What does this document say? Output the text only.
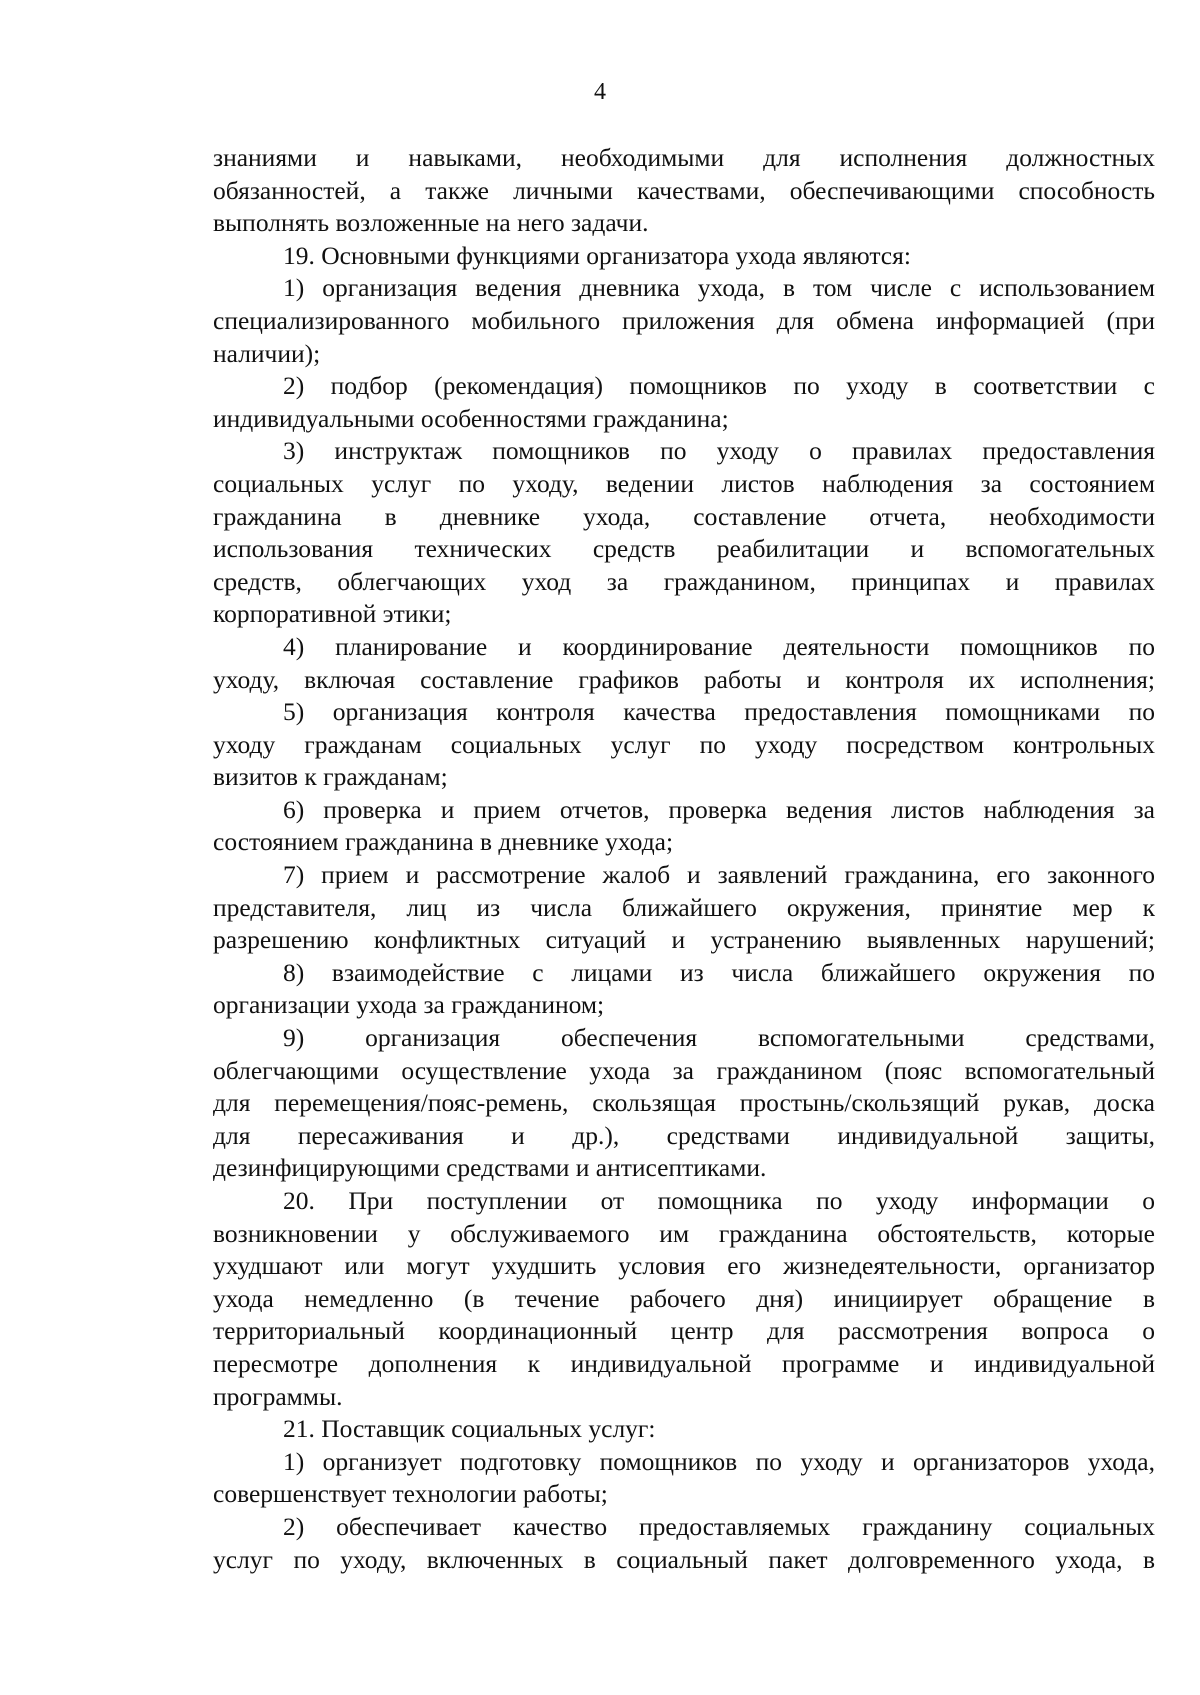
4
знаниями и навыками, необходимыми для исполнения должностных
обязанностей, а также личными качествами, обеспечивающими способность
выполнять возложенные на него задачи.
19. Основными функциями организатора ухода являются:
1) организация ведения дневника ухода, в том числе с использованием
специализированного мобильного приложения для обмена информацией (при
наличии);
2) подбор (рекомендация) помощников по уходу в соответствии с
индивидуальными особенностями гражданина;
3) инструктаж помощников по уходу о правилах предоставления
социальных услуг по уходу, ведении листов наблюдения за состоянием
гражданина в дневнике ухода, составление отчета, необходимости
использования технических средств реабилитации и вспомогательных
средств, облегчающих уход за гражданином, принципах и правилах
корпоративной этики;
4) планирование и координирование деятельности помощников по
уходу, включая составление графиков работы и контроля их исполнения;
5) организация контроля качества предоставления помощниками по
уходу гражданам социальных услуг по уходу посредством контрольных
визитов к гражданам;
6) проверка и прием отчетов, проверка ведения листов наблюдения за
состоянием гражданина в дневнике ухода;
7) прием и рассмотрение жалоб и заявлений гражданина, его законного
представителя, лиц из числа ближайшего окружения, принятие мер к
разрешению конфликтных ситуаций и устранению выявленных нарушений;
8) взаимодействие с лицами из числа ближайшего окружения по
организации ухода за гражданином;
9) организация обеспечения вспомогательными средствами,
облегчающими осуществление ухода за гражданином (пояс вспомогательный
для перемещения/пояс-ремень, скользящая простынь/скользящий рукав, доска
для пересаживания и др.), средствами индивидуальной защиты,
дезинфицирующими средствами и антисептиками.
20. При поступлении от помощника по уходу информации о
возникновении у обслуживаемого им гражданина обстоятельств, которые
ухудшают или могут ухудшить условия его жизнедеятельности, организатор
ухода немедленно (в течение рабочего дня) инициирует обращение в
территориальный координационный центр для рассмотрения вопроса о
пересмотре дополнения к индивидуальной программе и индивидуальной
программы.
21. Поставщик социальных услуг:
1) организует подготовку помощников по уходу и организаторов ухода,
совершенствует технологии работы;
2) обеспечивает качество предоставляемых гражданину социальных
услуг по уходу, включенных в социальный пакет долговременного ухода, в
